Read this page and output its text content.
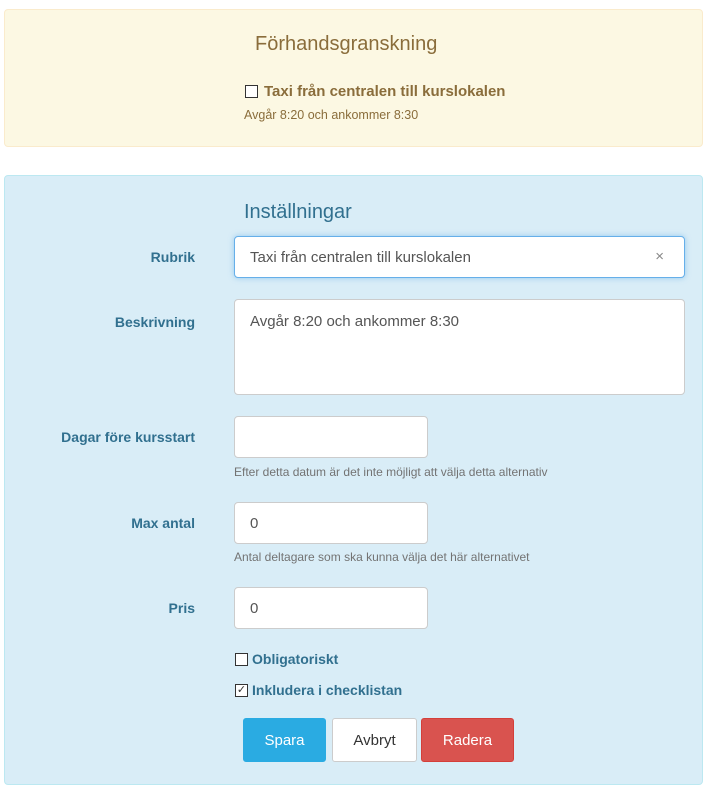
Förhandsgranskning
Taxi från centralen till kurslokalen
Avgår 8:20 och ankommer 8:30
Inställningar
Rubrik	Taxi från centralen till kurslokalen	×
Beskrivning	Avgår 8:20 och ankommer 8:30
Dagar före kursstart
Efter detta datum är det inte möjligt att välja detta alternativ
Max antal	0
Antal deltagare som ska kunna välja det här alternativet
Pris	0
Obligatoriskt
✓ Inkludera i checklistan
Spara	Avbryt	Radera
